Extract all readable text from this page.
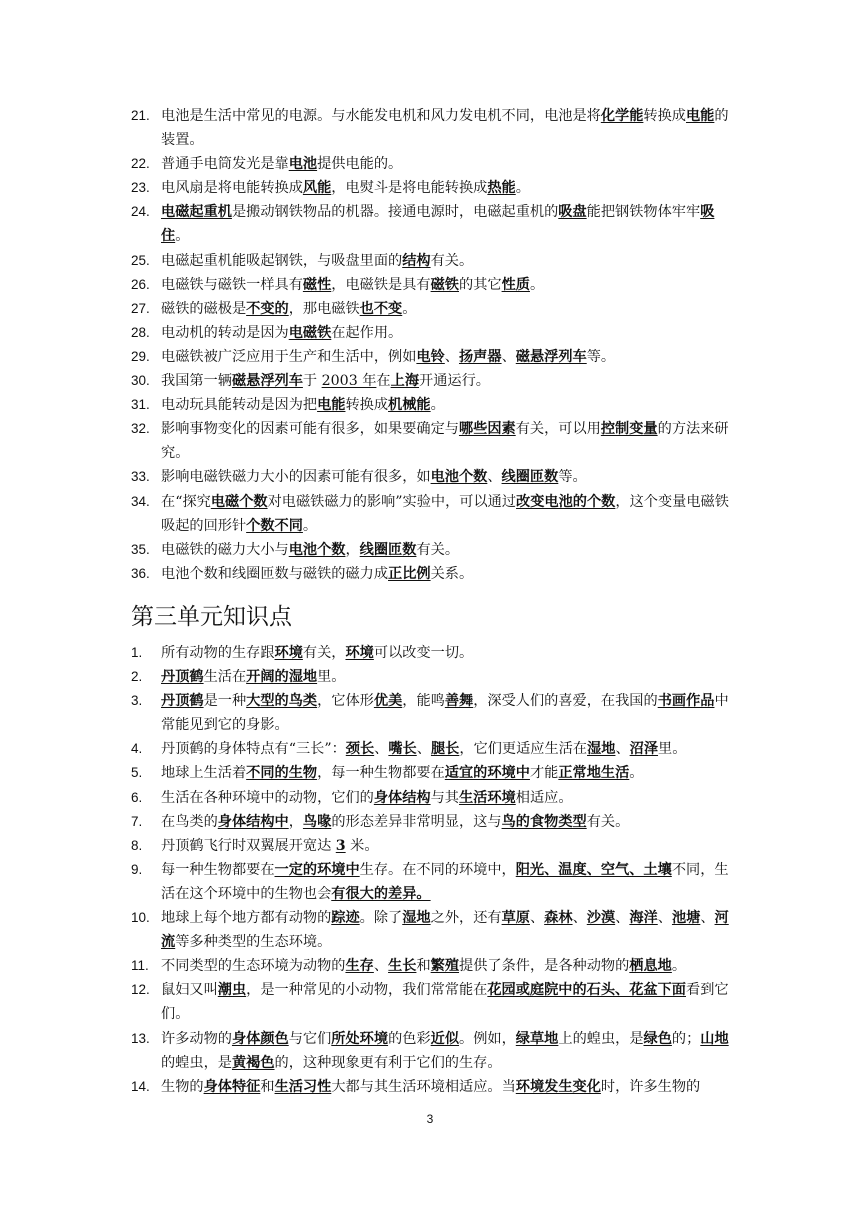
21. 电池是生活中常见的电源。与水能发电机和风力发电机不同，电池是将化学能转换成电能的装置。
22. 普通手电筒发光是靠电池提供电能的。
23. 电风扇是将电能转换成风能，电熨斗是将电能转换成热能。
24. 电磁起重机是搬动钢铁物品的机器。接通电源时，电磁起重机的吸盘能把钢铁物体牢牢吸住。
25. 电磁起重机能吸起钢铁，与吸盘里面的结构有关。
26. 电磁铁与磁铁一样具有磁性，电磁铁是具有磁铁的其它性质。
27. 磁铁的磁极是不变的，那电磁铁也不变。
28. 电动机的转动是因为电磁铁在起作用。
29. 电磁铁被广泛应用于生产和生活中，例如电铃、扬声器、磁悬浮列车等。
30. 我国第一辆磁悬浮列车于 2003 年在上海开通运行。
31. 电动玩具能转动是因为把电能转换成机械能。
32. 影响事物变化的因素可能有很多，如果要确定与哪些因素有关，可以用控制变量的方法来研究。
33. 影响电磁铁磁力大小的因素可能有很多，如电池个数、线圈匝数等。
34. 在“探究电磁个数对电磁铁磁力的影响”实验中，可以通过改变电池的个数，这个变量电磁铁吸起的回形针个数不同。
35. 电磁铁的磁力大小与电池个数，线圈匝数有关。
36. 电池个数和线圈匝数与磁铁的磁力成正比例关系。
第三单元知识点
1. 所有动物的生存跟环境有关，环境可以改变一切。
2. 丹顶鹤生活在开阔的湿地里。
3. 丹顶鹤是一种大型的鸟类，它体形优美，能鸣善舞，深受人们的喜爱，在我国的书画作品中常能见到它的身影。
4. 丹顶鹤的身体特点有“三长”：颈长、嘴长、腿长，它们更适应生活在湿地、沼泽里。
5. 地球上生活着不同的生物，每一种生物都要在适宜的环境中才能正常地生活。
6. 生活在各种环境中的动物，它们的身体结构与其生活环境相适应。
7. 在鸟类的身体结构中，鸟喙的形态差异非常明显，这与鸟的食物类型有关。
8. 丹顶鹤飞行时双翼展开宽达 3 米。
9. 每一种生物都要在一定的环境中生存。在不同的环境中，阳光、温度、空气、土壤不同，生活在这个环境中的生物也会有很大的差异。
10. 地球上每个地方都有动物的踪迹。除了湿地之外，还有草原、森林、沙漠、海洋、池塘、河流等多种类型的生态环境。
11. 不同类型的生态环境为动物的生存、生长和繁殖提供了条件，是各种动物的栖息地。
12. 鼠妇又叫潮虫，是一种常见的小动物，我们常常能在花园或庭院中的石头、花盆下面看到它们。
13. 许多动物的身体颜色与它们所处环境的色彩近似。例如，绿草地上的蝗虫，是绿色的；山地的蝗虫，是黄褐色的，这种现象更有利于它们的生存。
14. 生物的身体特征和生活习性大都与其生活环境相适应。当环境发生变化时，许多生物的
3
